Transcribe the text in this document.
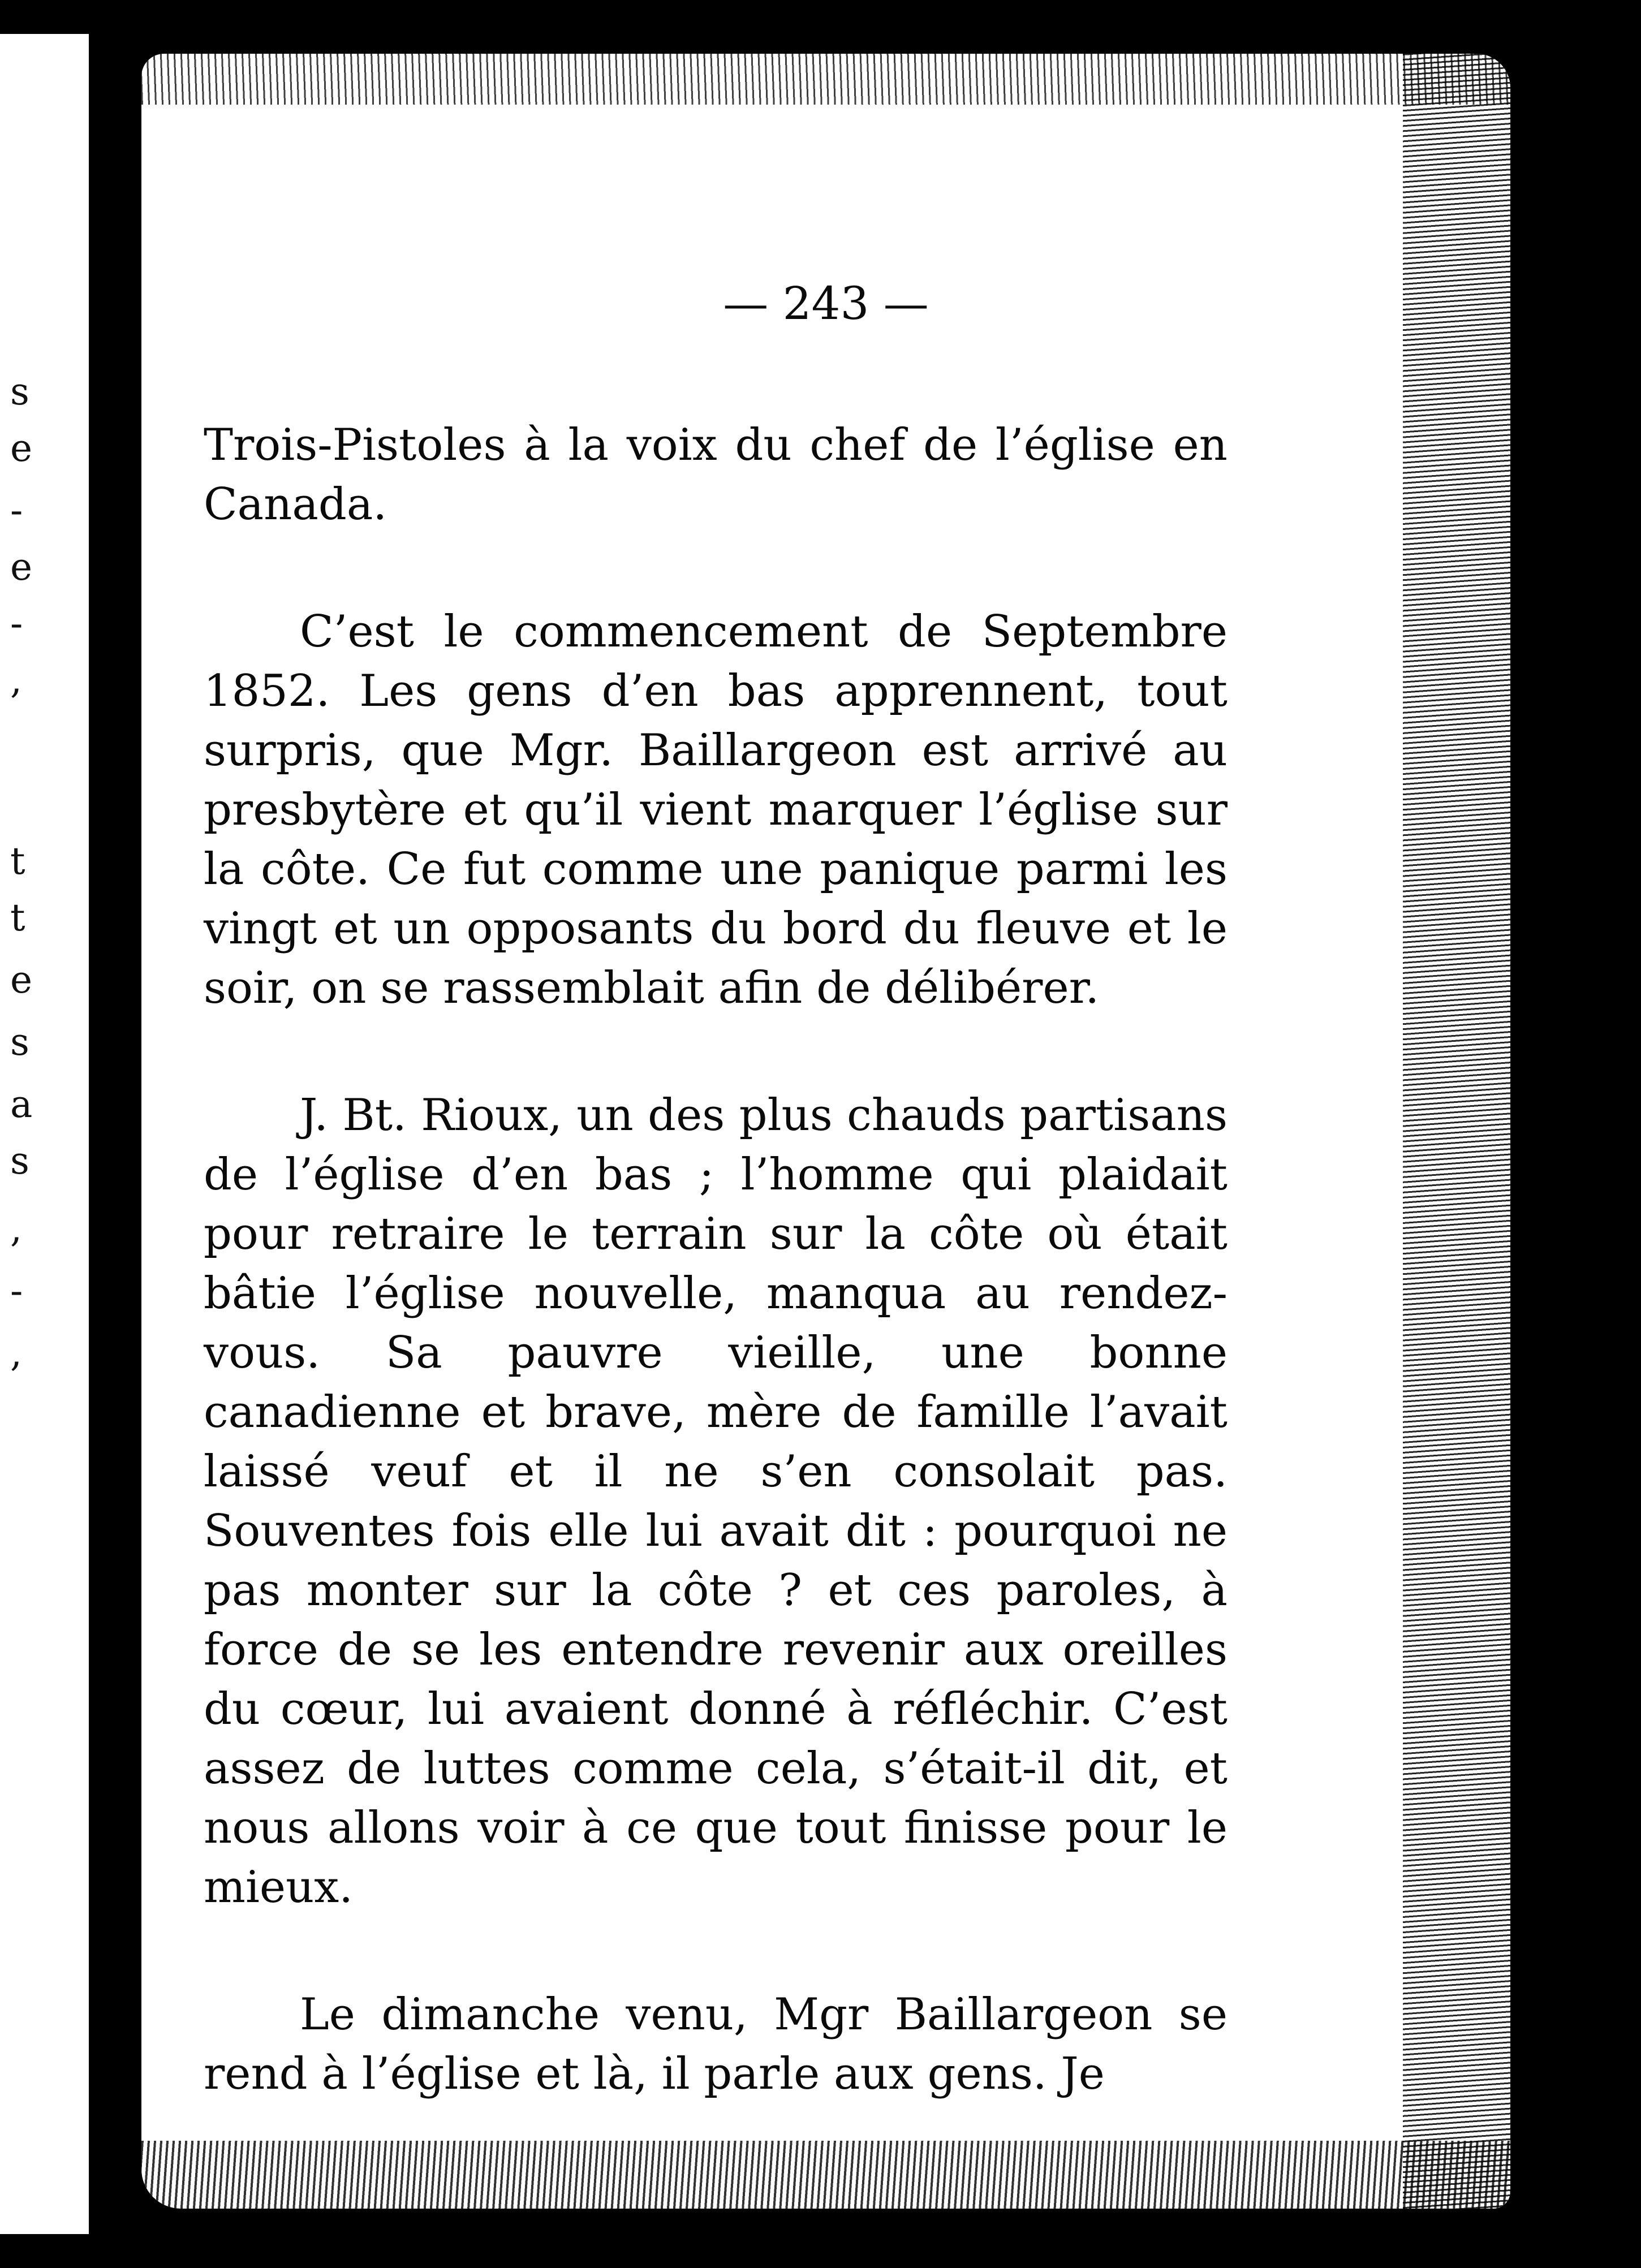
s
e
-
e
-
,
t
t
e
s
a
s
,
-
,
— 243 —

Trois-Pistoles à la voix du chef de l’église en Canada.

C’est le commencement de Septembre 1852. Les gens d’en bas apprennent, tout surpris, que Mgr. Baillargeon est arrivé au presbytère et qu’il vient marquer l’église sur la côte. Ce fut comme une panique parmi les vingt et un opposants du bord du fleuve et le soir, on se rassemblait afin de délibérer.

J. Bt. Rioux, un des plus chauds partisans de l’église d’en bas ; l’homme qui plaidait pour retraire le terrain sur la côte où était bâtie l’église nouvelle, manqua au rendez-vous. Sa pauvre vieille, une bonne canadienne et brave, mère de famille l’avait laissé veuf et il ne s’en consolait pas. Souventes fois elle lui avait dit : pourquoi ne pas monter sur la côte ? et ces paroles, à force de se les entendre revenir aux oreilles du cœur, lui avaient donné à réfléchir. C’est assez de luttes comme cela, s’était-il dit, et nous allons voir à ce que tout finisse pour le mieux.

Le dimanche venu, Mgr Baillargeon se rend à l’église et là, il parle aux gens. Je
